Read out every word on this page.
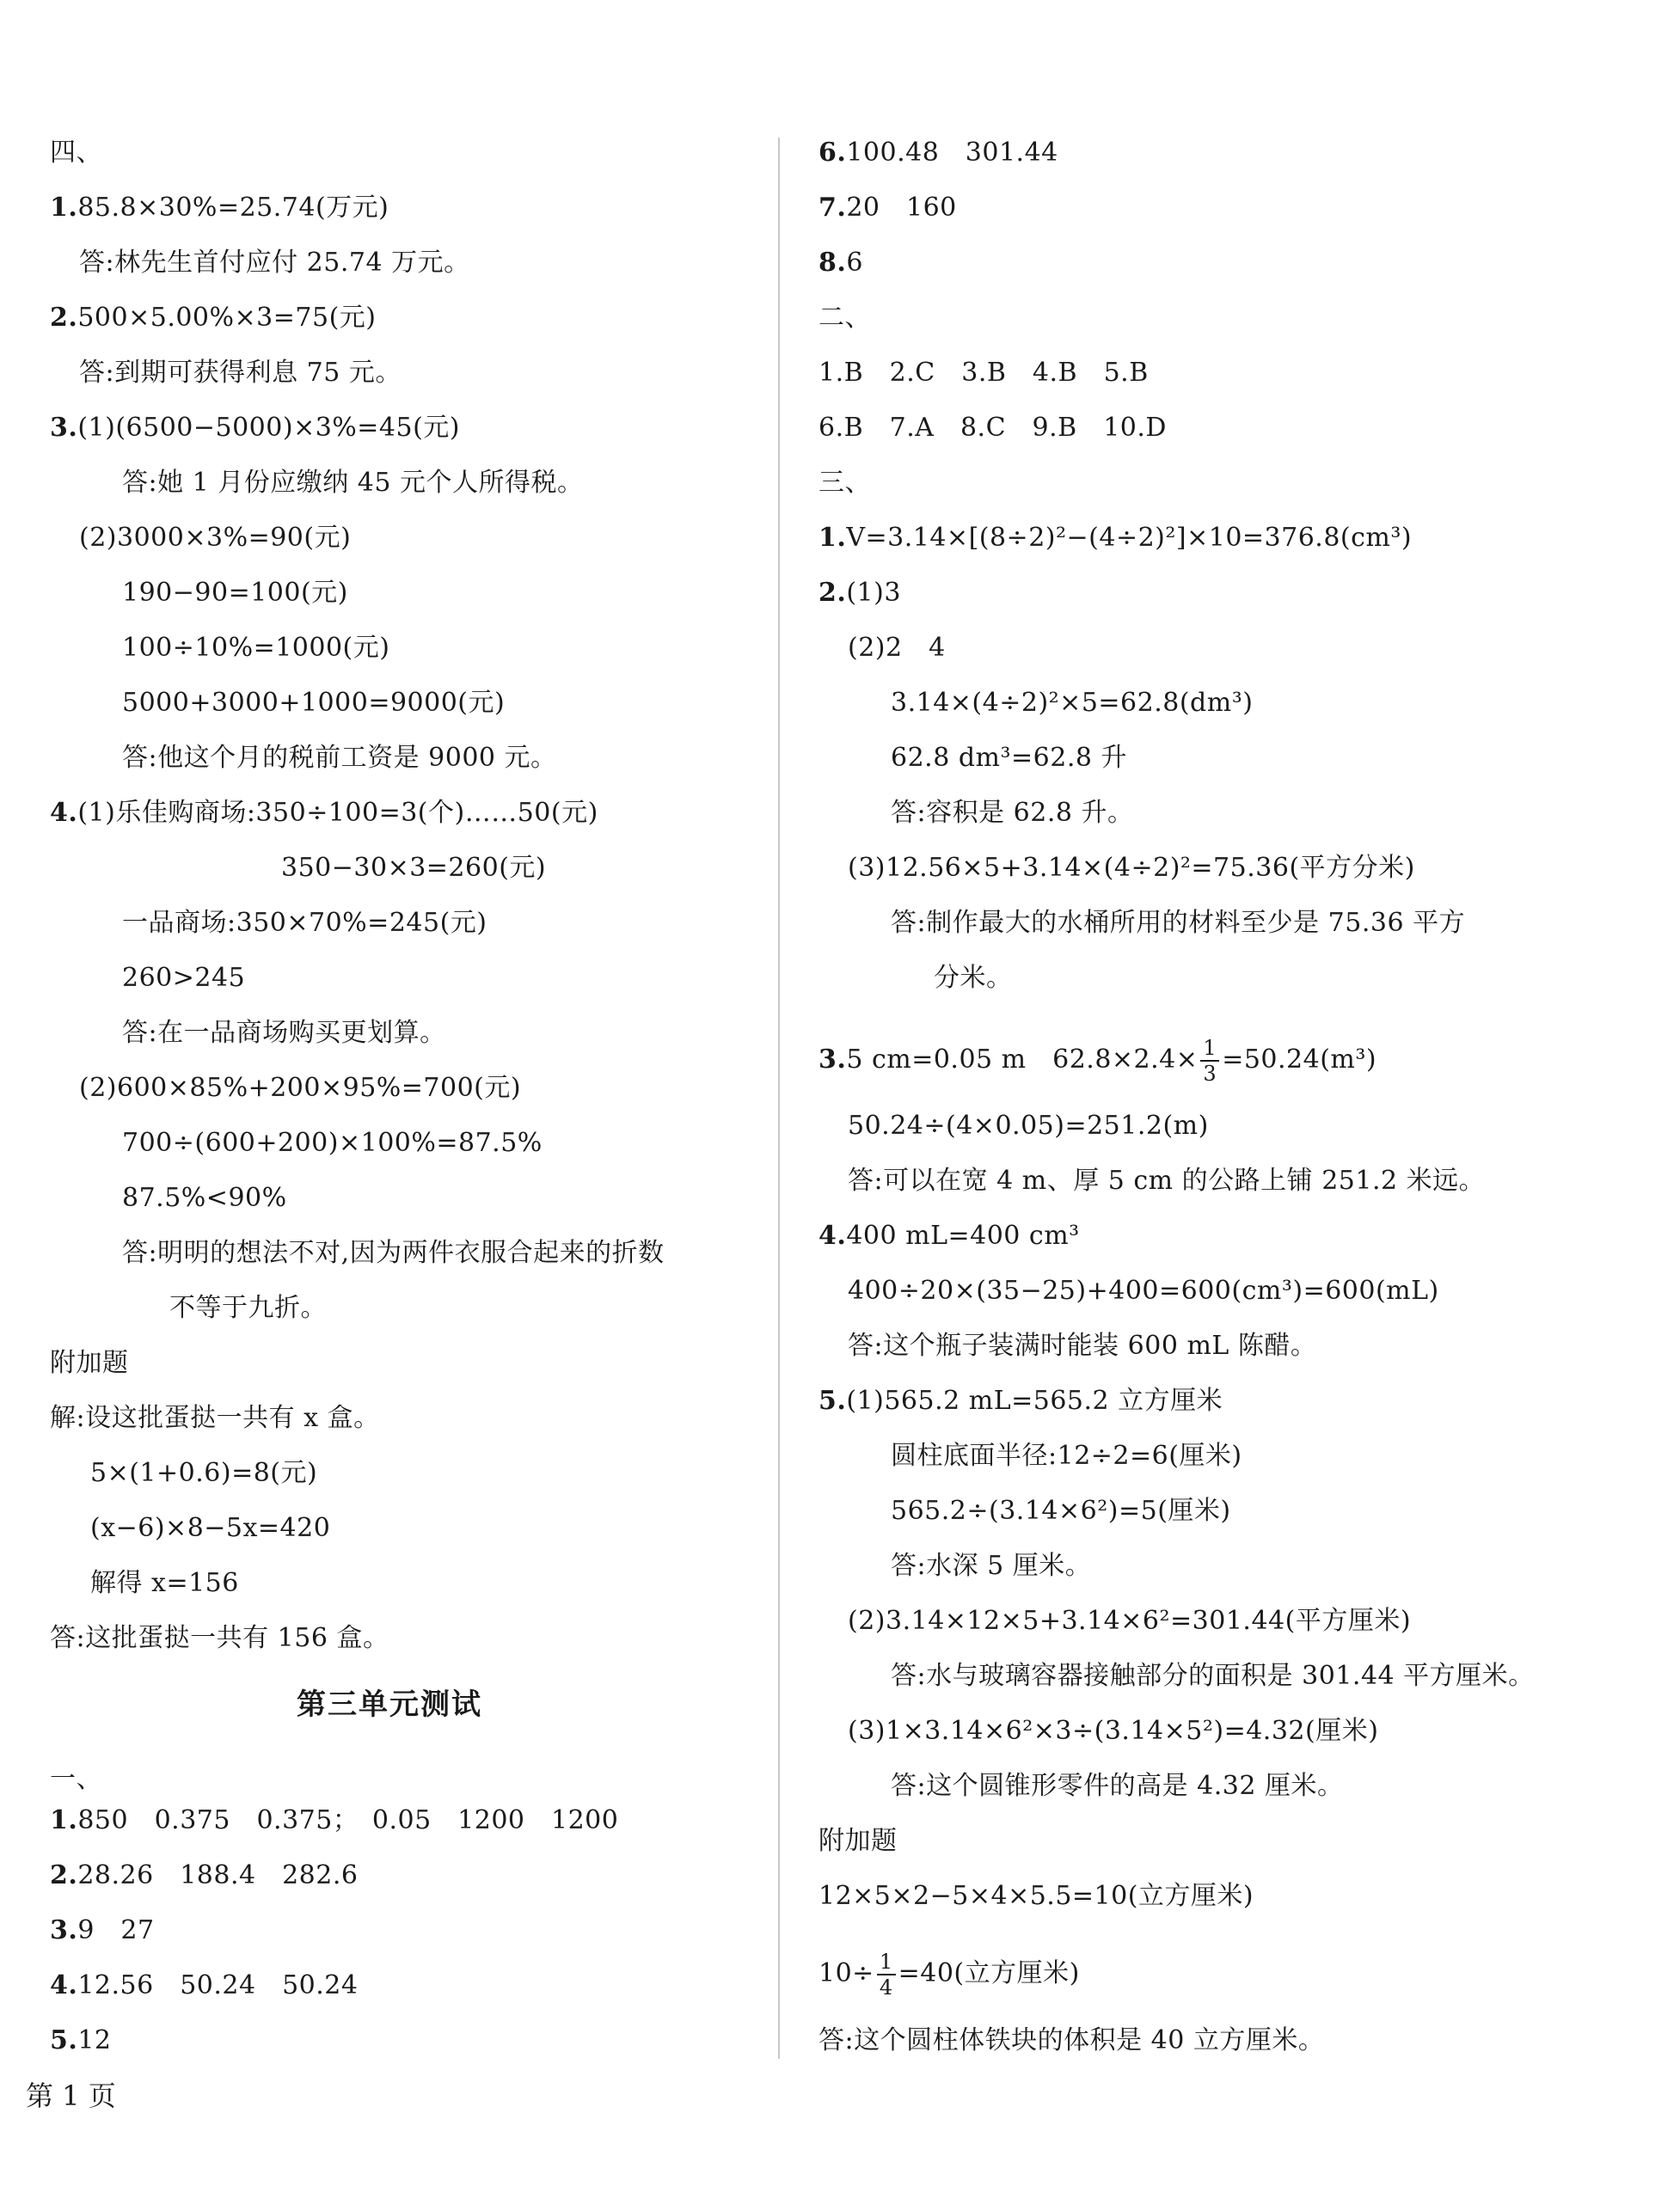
四、
1.85.8×30%=25.74(万元)
答:林先生首付应付 25.74 万元。
2.500×5.00%×3=75(元)
答:到期可获得利息 75 元。
3.(1)(6500−5000)×3%=45(元)
答:她 1 月份应缴纳 45 元个人所得税。
(2)3000×3%=90(元)
190−90=100(元)
100÷10%=1000(元)
5000+3000+1000=9000(元)
答:他这个月的税前工资是 9000 元。
4.(1)乐佳购商场:350÷100=3(个)……50(元)
350−30×3=260(元)
一品商场:350×70%=245(元)
260>245
答:在一品商场购买更划算。
(2)600×85%+200×95%=700(元)
700÷(600+200)×100%=87.5%
87.5%<90%
答:明明的想法不对,因为两件衣服合起来的折数
不等于九折。
附加题
解:设这批蛋挞一共有 x 盒。
5×(1+0.6)=8(元)
(x−6)×8−5x=420
解得 x=156
答:这批蛋挞一共有 156 盒。
第三单元测试
一、
1.850　0.375　0.375；　0.05　1200　1200
2.28.26　188.4　282.6
3.9　27
4.12.56　50.24　50.24
5.12
6.100.48　301.44
7.20　160
8.6
二、
1.B　2.C　3.B　4.B　5.B
6.B　7.A　8.C　9.B　10.D
三、
1.V=3.14×[(8÷2)²−(4÷2)²]×10=376.8(cm³)
2.(1)3
(2)2　4
3.14×(4÷2)²×5=62.8(dm³)
62.8 dm³=62.8 升
答:容积是 62.8 升。
(3)12.56×5+3.14×(4÷2)²=75.36(平方分米)
答:制作最大的水桶所用的材料至少是 75.36 平方
分米。
3.5 cm=0.05 m　$62.8\times 2.4\times \frac{1}{3} =50.24(m^3)$
50.24÷(4×0.05)=251.2(m)
答:可以在宽 4 m、厚 5 cm 的公路上铺 251.2 米远。
4.400 mL=400 cm³
400÷20×(35−25)+400=600(cm³)=600(mL)
答:这个瓶子装满时能装 600 mL 陈醋。
5.(1)565.2 mL=565.2 立方厘米
圆柱底面半径:12÷2=6(厘米)
565.2÷(3.14×6²)=5(厘米)
答:水深 5 厘米。
(2)3.14×12×5+3.14×6²=301.44(平方厘米)
答:水与玻璃容器接触部分的面积是 301.44 平方厘米。
(3)1×3.14×6²×3÷(3.14×5²)=4.32(厘米)
答:这个圆锥形零件的高是 4.32 厘米。
附加题
12×5×2−5×4×5.5=10(立方厘米)
$10\div \frac{1}{4} =40$(立方厘米)
答:这个圆柱体铁块的体积是 40 立方厘米。
第 1 页
